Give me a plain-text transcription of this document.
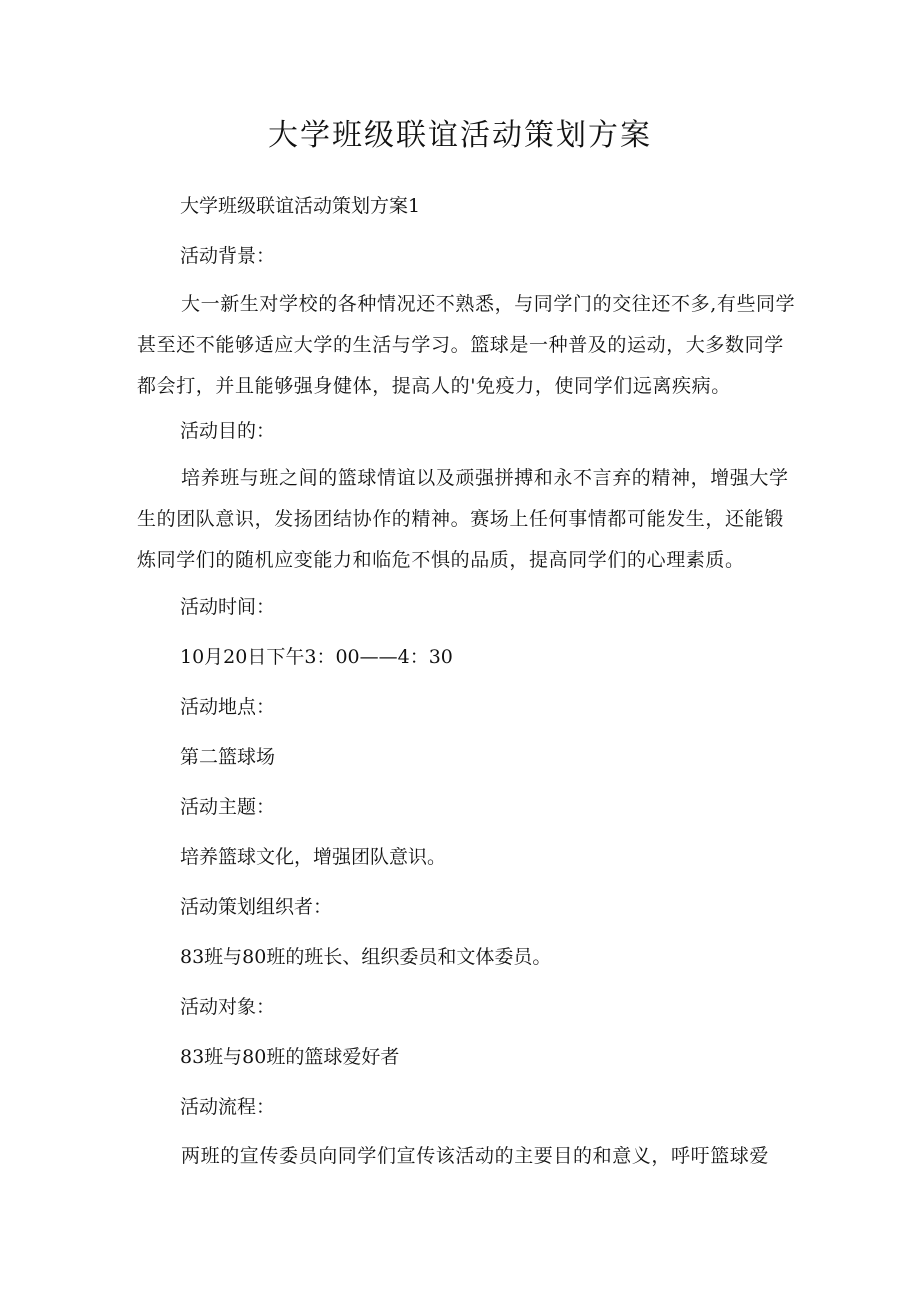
大学班级联谊活动策划方案

大学班级联谊活动策划方案1

活动背景：

大一新生对学校的各种情况还不熟悉，与同学门的交往还不多,有些同学甚至还不能够适应大学的生活与学习。篮球是一种普及的运动，大多数同学都会打，并且能够强身健体，提高人的'免疫力，使同学们远离疾病。

活动目的：

培养班与班之间的篮球情谊以及顽强拼搏和永不言弃的精神，增强大学生的团队意识，发扬团结协作的精神。赛场上任何事情都可能发生，还能锻炼同学们的随机应变能力和临危不惧的品质，提高同学们的心理素质。

活动时间：

10月20日下午3：00——4：30

活动地点：

第二篮球场

活动主题：

培养篮球文化，增强团队意识。

活动策划组织者：

83班与80班的班长、组织委员和文体委员。

活动对象：

83班与80班的篮球爱好者

活动流程：

两班的宣传委员向同学们宣传该活动的主要目的和意义，呼吁篮球爱
